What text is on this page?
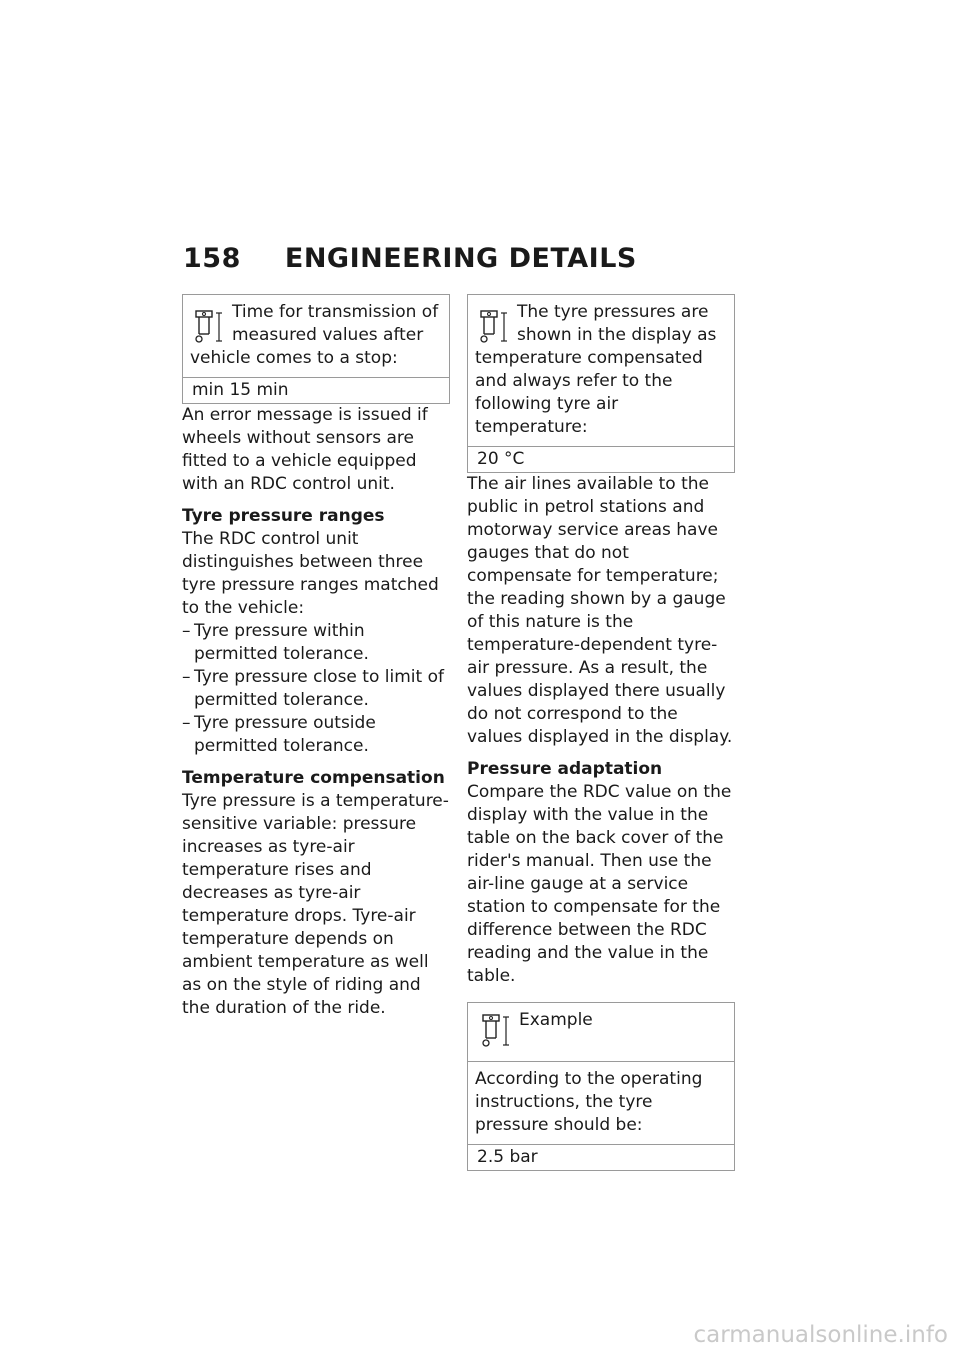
158 ENGINEERING DETAILS
Time for transmission of measured values after vehicle comes to a stop:
min 15 min

An error message is issued if wheels without sensors are fitted to a vehicle equipped with an RDC control unit.

Tyre pressure ranges

The RDC control unit distinguishes between three tyre pressure ranges matched to the vehicle:

– Tyre pressure within permitted tolerance.
– Tyre pressure close to limit of permitted tolerance.
– Tyre pressure outside permitted tolerance.

Temperature compensation

Tyre pressure is a temperature-sensitive variable: pressure increases as tyre-air temperature rises and decreases as tyre-air temperature drops. Tyre-air temperature depends on ambient temperature as well as on the style of riding and the duration of the ride.

The tyre pressures are shown in the display as temperature compensated and always refer to the following tyre air temperature:
20 °C

The air lines available to the public in petrol stations and motorway service areas have gauges that do not compensate for temperature; the reading shown by a gauge of this nature is the temperature-dependent tyre-air pressure. As a result, the values displayed there usually do not correspond to the values displayed in the display.

Pressure adaptation

Compare the RDC value on the display with the value in the table on the back cover of the rider's manual. Then use the air-line gauge at a service station to compensate for the difference between the RDC reading and the value in the table.

Example
According to the operating instructions, the tyre pressure should be:
2.5 bar
carmanualsonline.info
